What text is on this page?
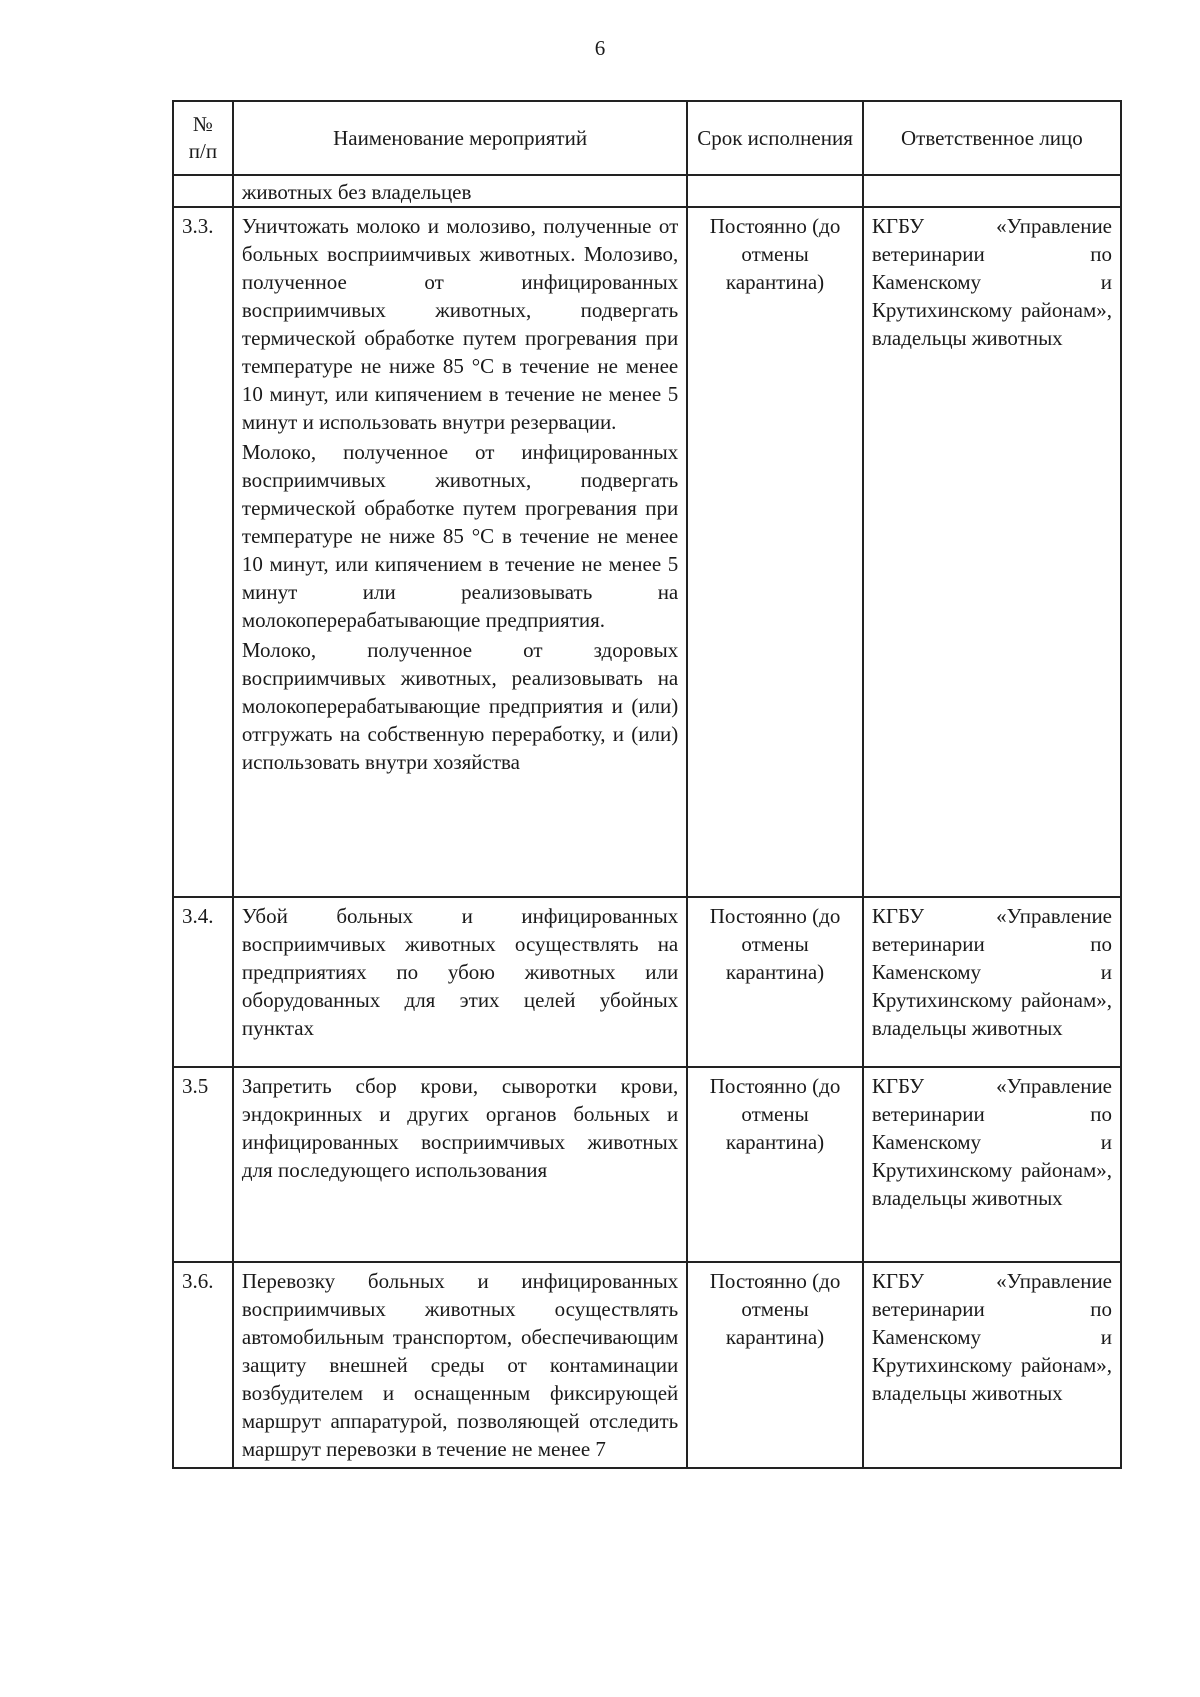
6
№ п/п	Наименование мероприятий	Срок исполнения	Ответственное лицо
	животных без владельцев		
3.3.	Уничтожать молоко и молозиво, полученные от больных восприимчивых животных. Молозиво, полученное от инфицированных восприимчивых животных, подвергать термической обработке путем прогревания при температуре не ниже 85 °С в течение не менее 10 минут, или кипячением в течение не менее 5 минут и использовать внутри резервации.
Молоко, полученное от инфицированных восприимчивых животных, подвергать термической обработке путем прогревания при температуре не ниже 85 °С в течение не менее 10 минут, или кипячением в течение не менее 5 минут или реализовывать на молокоперерабатывающие предприятия.
Молоко, полученное от здоровых восприимчивых животных, реализовывать на молокоперерабатывающие предприятия и (или) отгружать на собственную переработку, и (или) использовать внутри хозяйства	Постоянно (до отмены карантина)	КГБУ «Управление ветеринарии по Каменскому и Крутихинскому районам», владельцы животных
3.4.	Убой больных и инфицированных восприимчивых животных осуществлять на предприятиях по убою животных или оборудованных для этих целей убойных пунктах	Постоянно (до отмены карантина)	КГБУ «Управление ветеринарии по Каменскому и Крутихинскому районам», владельцы животных
3.5	Запретить сбор крови, сыворотки крови, эндокринных и других органов больных и инфицированных восприимчивых животных для последующего использования	Постоянно (до отмены карантина)	КГБУ «Управление ветеринарии по Каменскому и Крутихинскому районам», владельцы животных
3.6.	Перевозку больных и инфицированных восприимчивых животных осуществлять автомобильным транспортом, обеспечивающим защиту внешней среды от контаминации возбудителем и оснащенным фиксирующей маршрут аппаратурой, позволяющей отследить маршрут перевозки в течение не менее 7	Постоянно (до отмены карантина)	КГБУ «Управление ветеринарии по Каменскому и Крутихинскому районам», владельцы животных
